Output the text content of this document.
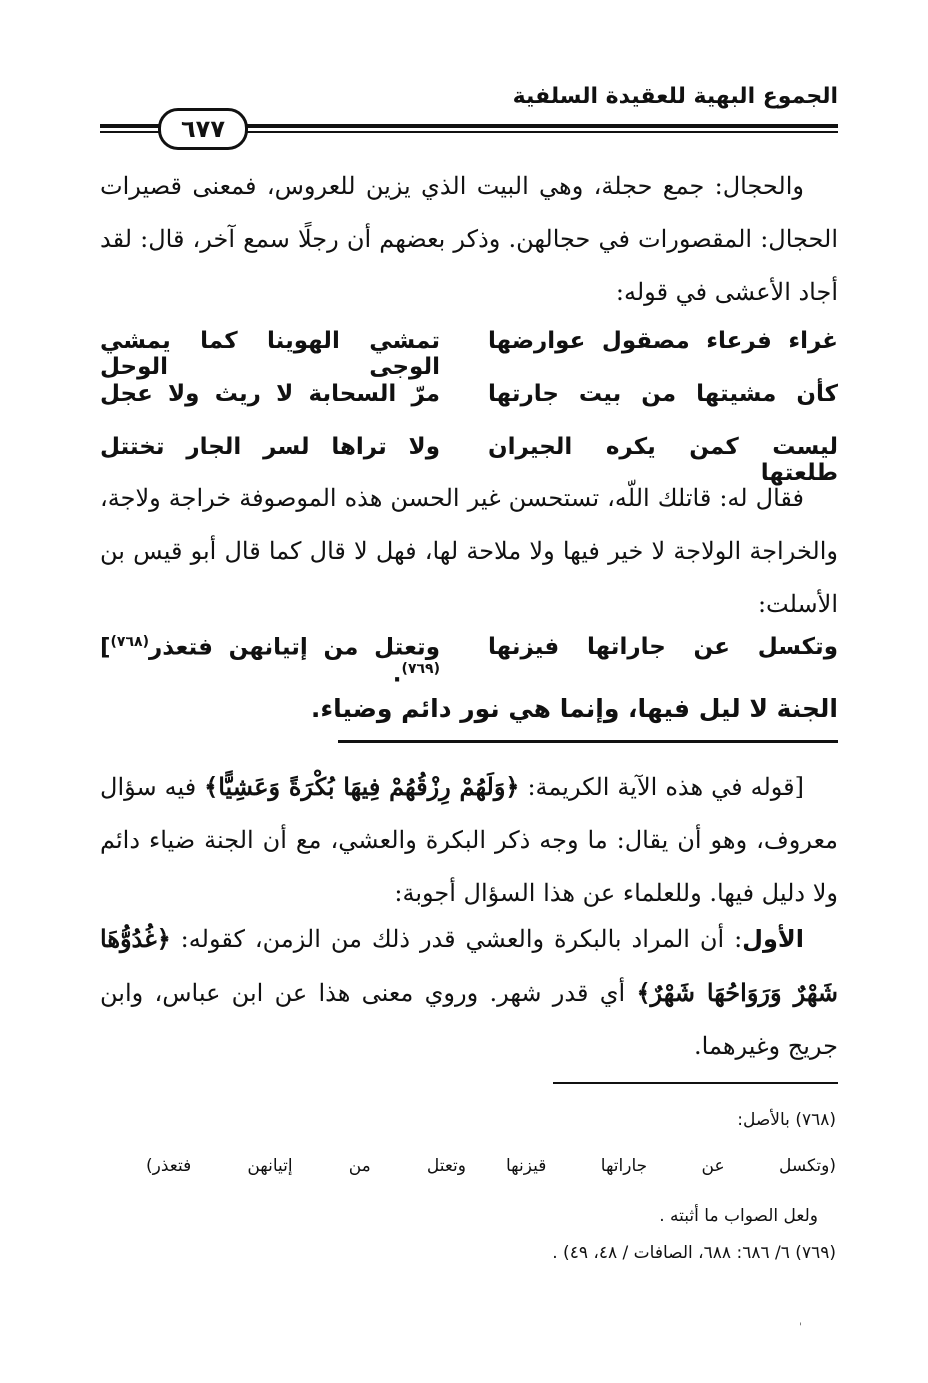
الجموع البهية للعقيدة السلفية
٦٧٧
والحجال: جمع حجلة، وهي البيت الذي يزين للعروس، فمعنى قصيرات الحجال: المقصورات في حجالهن. وذكر بعضهم أن رجلًا سمع آخر، قال: لقد أجاد الأعشى في قوله:
غراء فرعاء مصقول عوارضها
تمشي الهوينا كما يمشي الوجى الوحل
كأن مشيتها من بيت جارتها
مرّ السحابة لا ريث ولا عجل
ليست كمن يكره الجيران طلعتها
ولا تراها لسر الجار تختتل
فقال له: قاتلك اللّه، تستحسن غير الحسن هذه الموصوفة خراجة ولاجة، والخراجة الولاجة لا خير فيها ولا ملاحة لها، فهل لا قال كما قال أبو قيس بن الأسلت:
وتكسل عن جاراتها فيزنها
وتعتل من إتيانهن فتعذر$^{(٧٦٨)}$]$^{(٧٦٩)}$.
الجنة لا ليل فيها، وإنما هي نور دائم وضياء.
[قوله في هذه الآية الكريمة: ﴿وَلَهُمْ رِزْقُهُمْ فِيهَا بُكْرَةً وَعَشِيًّا﴾ فيه سؤال معروف، وهو أن يقال: ما وجه ذكر البكرة والعشي، مع أن الجنة ضياء دائم ولا دليل فيها. وللعلماء عن هذا السؤال أجوبة:
الأول: أن المراد بالبكرة والعشي قدر ذلك من الزمن، كقوله: ﴿غُدُوُّهَا شَهْرٌ وَرَوَاحُهَا شَهْرٌ﴾ أي قدر شهر. وروي معنى هذا عن ابن عباس، وابن جريج وغيرهما.
(٧٦٨) بالأصل:
(وتكسل عن جاراتها قيزنها
وتعتل من إتيانهن فتعذر)
ولعل الصواب ما أثبته .
(٧٦٩) ٦/ ٦٨٦: ٦٨٨، الصافات / ٤٨، ٤٩) .
'
